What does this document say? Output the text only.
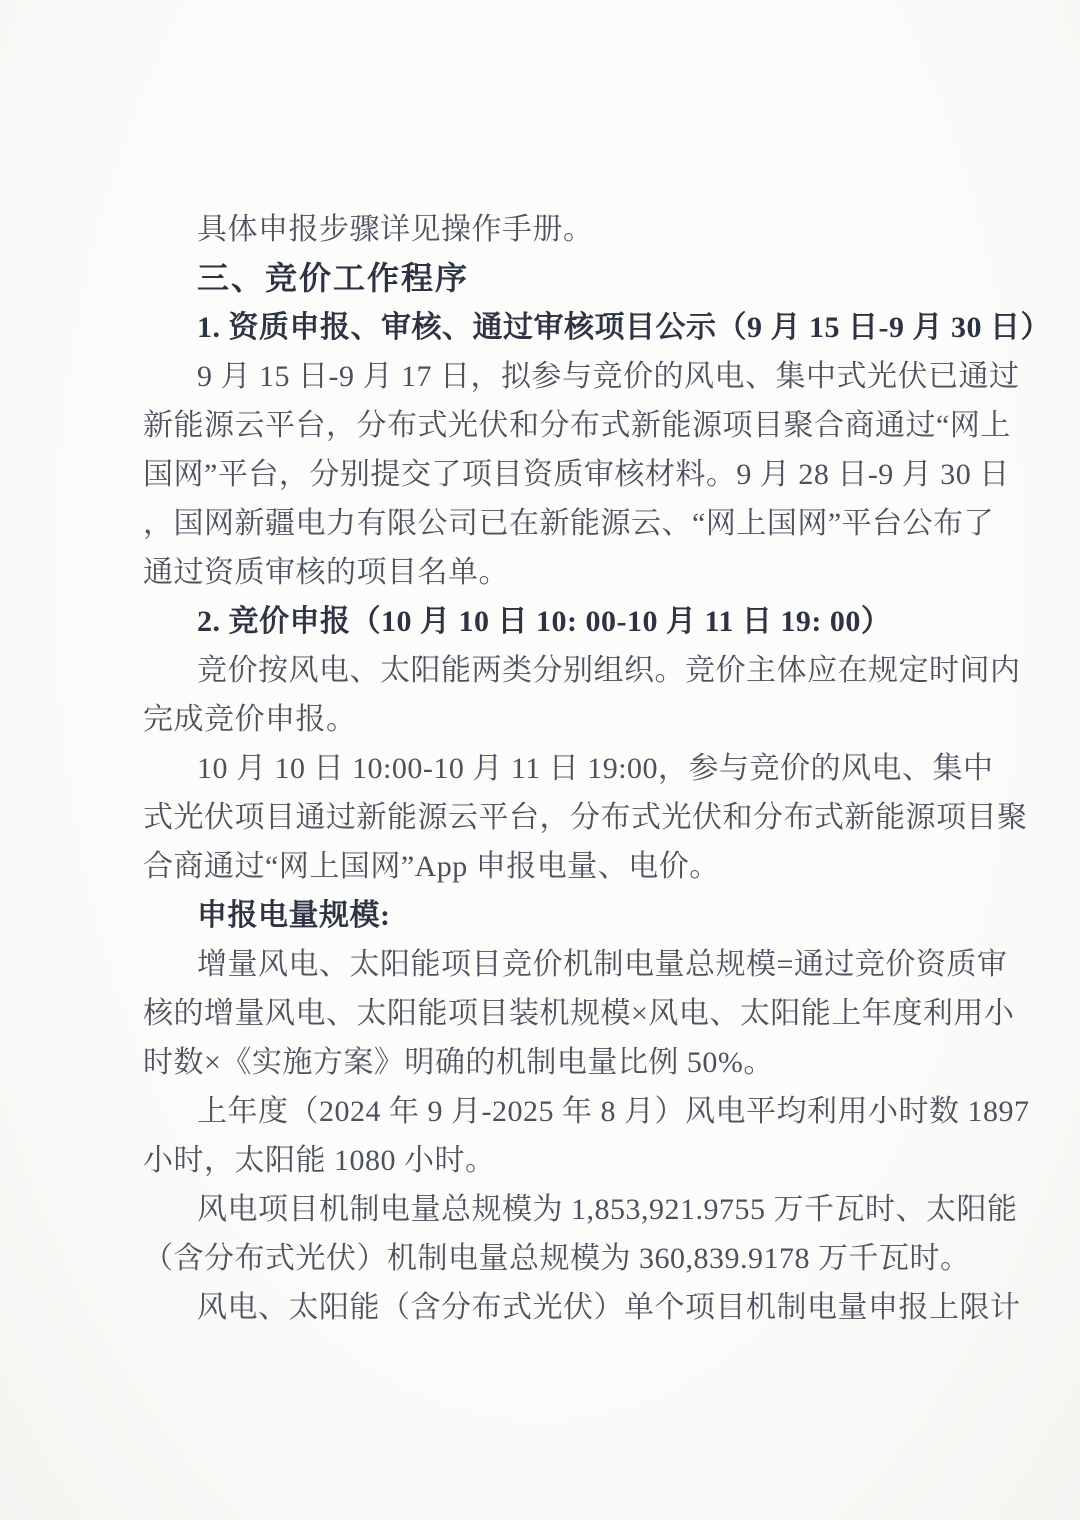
具体申报步骤详见操作手册。
三、竞价工作程序
1. 资质申报、审核、通过审核项目公示（9 月 15 日-9 月 30 日）
9 月 15 日-9 月 17 日，拟参与竞价的风电、集中式光伏已通过
新能源云平台，分布式光伏和分布式新能源项目聚合商通过“网上
国网”平台，分别提交了项目资质审核材料。9 月 28 日-9 月 30 日
，国网新疆电力有限公司已在新能源云、“网上国网”平台公布了
通过资质审核的项目名单。
2. 竞价申报（10 月 10 日 10: 00-10 月 11 日 19: 00）
竞价按风电、太阳能两类分别组织。竞价主体应在规定时间内
完成竞价申报。
10 月 10 日 10:00-10 月 11 日 19:00，参与竞价的风电、集中
式光伏项目通过新能源云平台，分布式光伏和分布式新能源项目聚
合商通过“网上国网”App 申报电量、电价。
申报电量规模:
增量风电、太阳能项目竞价机制电量总规模=通过竞价资质审
核的增量风电、太阳能项目装机规模×风电、太阳能上年度利用小
时数×《实施方案》明确的机制电量比例 50%。
上年度（2024 年 9 月-2025 年 8 月）风电平均利用小时数 1897
小时，太阳能 1080 小时。
风电项目机制电量总规模为 1,853,921.9755 万千瓦时、太阳能
（含分布式光伏）机制电量总规模为 360,839.9178 万千瓦时。
风电、太阳能（含分布式光伏）单个项目机制电量申报上限计
